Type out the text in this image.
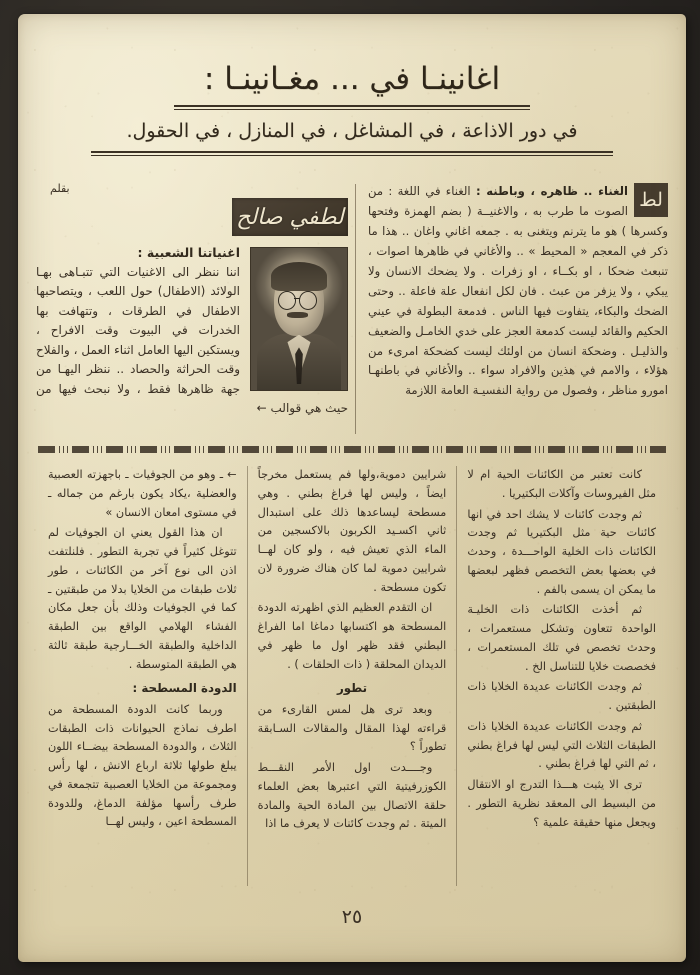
اغانينـا في ... مغـانينـا :
في دور الاذاعة ، في المشاغل ، في المنازل ، في الحقول.

لط
الغناء .. ظاهره ، وباطنه : الغناء في اللغة : من الصوت ما طرب به ، والاغنيــة ( بضم الهمزة وفتحها وكسرها ) هو ما يترنم ويتغنى به . جمعه اغاني واغان .. هذا ما ذكر في المعجم « المحيط » .. والأغاني في ظاهرها اصوات ، تنبعث ضحكا ، او بكــاء ، او زفرات . ولا يضحك الانسان ولا يبكي ، ولا يزفر من عبث . فان لكل انفعال علة فاعلة .. وحتى الضحك والبكاء، يتفاوت فيها الناس . فدمعة البطولة في عيني الحكيم والقائد ليست كدمعة العجز على خدي الخامـل والضعيف والذليـل . وضحكة انسان من اولئك ليست كضحكة امرىء من هؤلاء ، والامم في هذين والافراد سواء .. والأغاني في باطنهـا امورو مناظر ، وفصول من رواية النفسيـة العامة اللازمة

بقلم
لطفي صالح
اغنياتنا الشعبية :

اننا ننظر الى الاغنيات التي تتبـاهى بهـا الولائد (الاطفال) حول اللعب ، ويتصاحبها الاطفال في الطرقات ، وتتهافت بها الخدرات في البيوت وقت الافراح ، ويستكين اليها العامل اثناء العمل ، والفلاح وقت الحراثة والحصاد .. ننظر اليهـا من جهة ظاهرها فقط ، ولا نبحث فيها من حيث هي قوالب ←

كانت تعتبر من الكائنات الحية ام لا مثل الفيروسات وآكلات البكتيريا .

ثم وجدت كائنات لا يشك احد في انها كائنات حية مثل البكتيريا ثم وجدت الكائنات ذات الخلية الواحـــدة ، وحدث في بعضها بعض التخصص فظهر لبعضها ما يمكن ان يسمى بالفم .

ثم أخذت الكائنات ذات الخليـة الواحدة تتعاون وتشكل مستعمرات ، وحدث تخصص في تلك المستعمرات ، فخصصت خلايا للتناسل الخ .

ثم وجدت الكائنات عديدة الخلايا ذات الطبقتين .

ثم وجدت الكائنات عديدة الخلايا ذات الطبقات الثلاث التي ليس لها فراغ بطني ، ثم التي لها فراغ بطني .

ترى الا يثبت هـــذا التدرج او الانتقال من البسيط الى المعقد نظرية التطور . ويجعل منها حقيقة علمية ؟

شرايين دموية،ولها فم يستعمل مخرجاً ايضاً ، وليس لها فراغ بطني . وهي مسطحة ليساعدها ذلك على استبدال ثاني اكسـيد الكربون بالاكسجين من الماء الذي تعيش فيه ، ولو كان لهــا شرايين دموية لما كان هناك ضرورة لان تكون مسطحة .

ان التقدم العظيم الذي اظهرته الدودة المسطحة هو اكتسابها دماغا اما الفراغ البطني فقد ظهر اول ما ظهر في الديدان المحلقة ( ذات الحلقات ) .

تطور

وبعد ترى هل لمس القارىء من قراءته لهذا المقال والمقالات السـابقة تطوراً ؟

وجــــدت اول الأمر النقـــط الكوزرفيتية التي اعتبرها بعض العلماء حلقة الاتصال بين المادة الحية والمادة الميتة . ثم وجدت كائنات لا يعرف ما اذا

← ـ وهو من الجوفيات ـ باجهزته العصبية والعضلية ،يكاد يكون بارغم من جماله ـ في مستوى امعان الانسان »

ان هذا القول يعني ان الجوفيات لم تتوغل كثيراً في تجربة التطور . فلنلتفت اذن الى نوع آخر من الكائنات ، طور ثلاث طبقات من الخلايا بدلا من طبقتين ـ كما في الجوفيات وذلك بأن جعل مكان الفشاء الهلامي الواقع بين الطبقة الداخلية والطبقة الخـــارجية طبقة ثالثة هي الطبقة المتوسطة .

الدودة المسطحة :

وربما كانت الدودة المسطحة من اطرف نماذج الحيوانات ذات الطبقات الثلاث ، والدودة المسطحة بيضــاء اللون يبلغ طولها ثلاثة ارباع الانش ، لها رأس ومجموعة من الخلايا العصبية تتجمعة في طرف رأسها مؤلفة الدماغ، وللدودة المسطحة اعين ، وليس لهــا

٢٥
